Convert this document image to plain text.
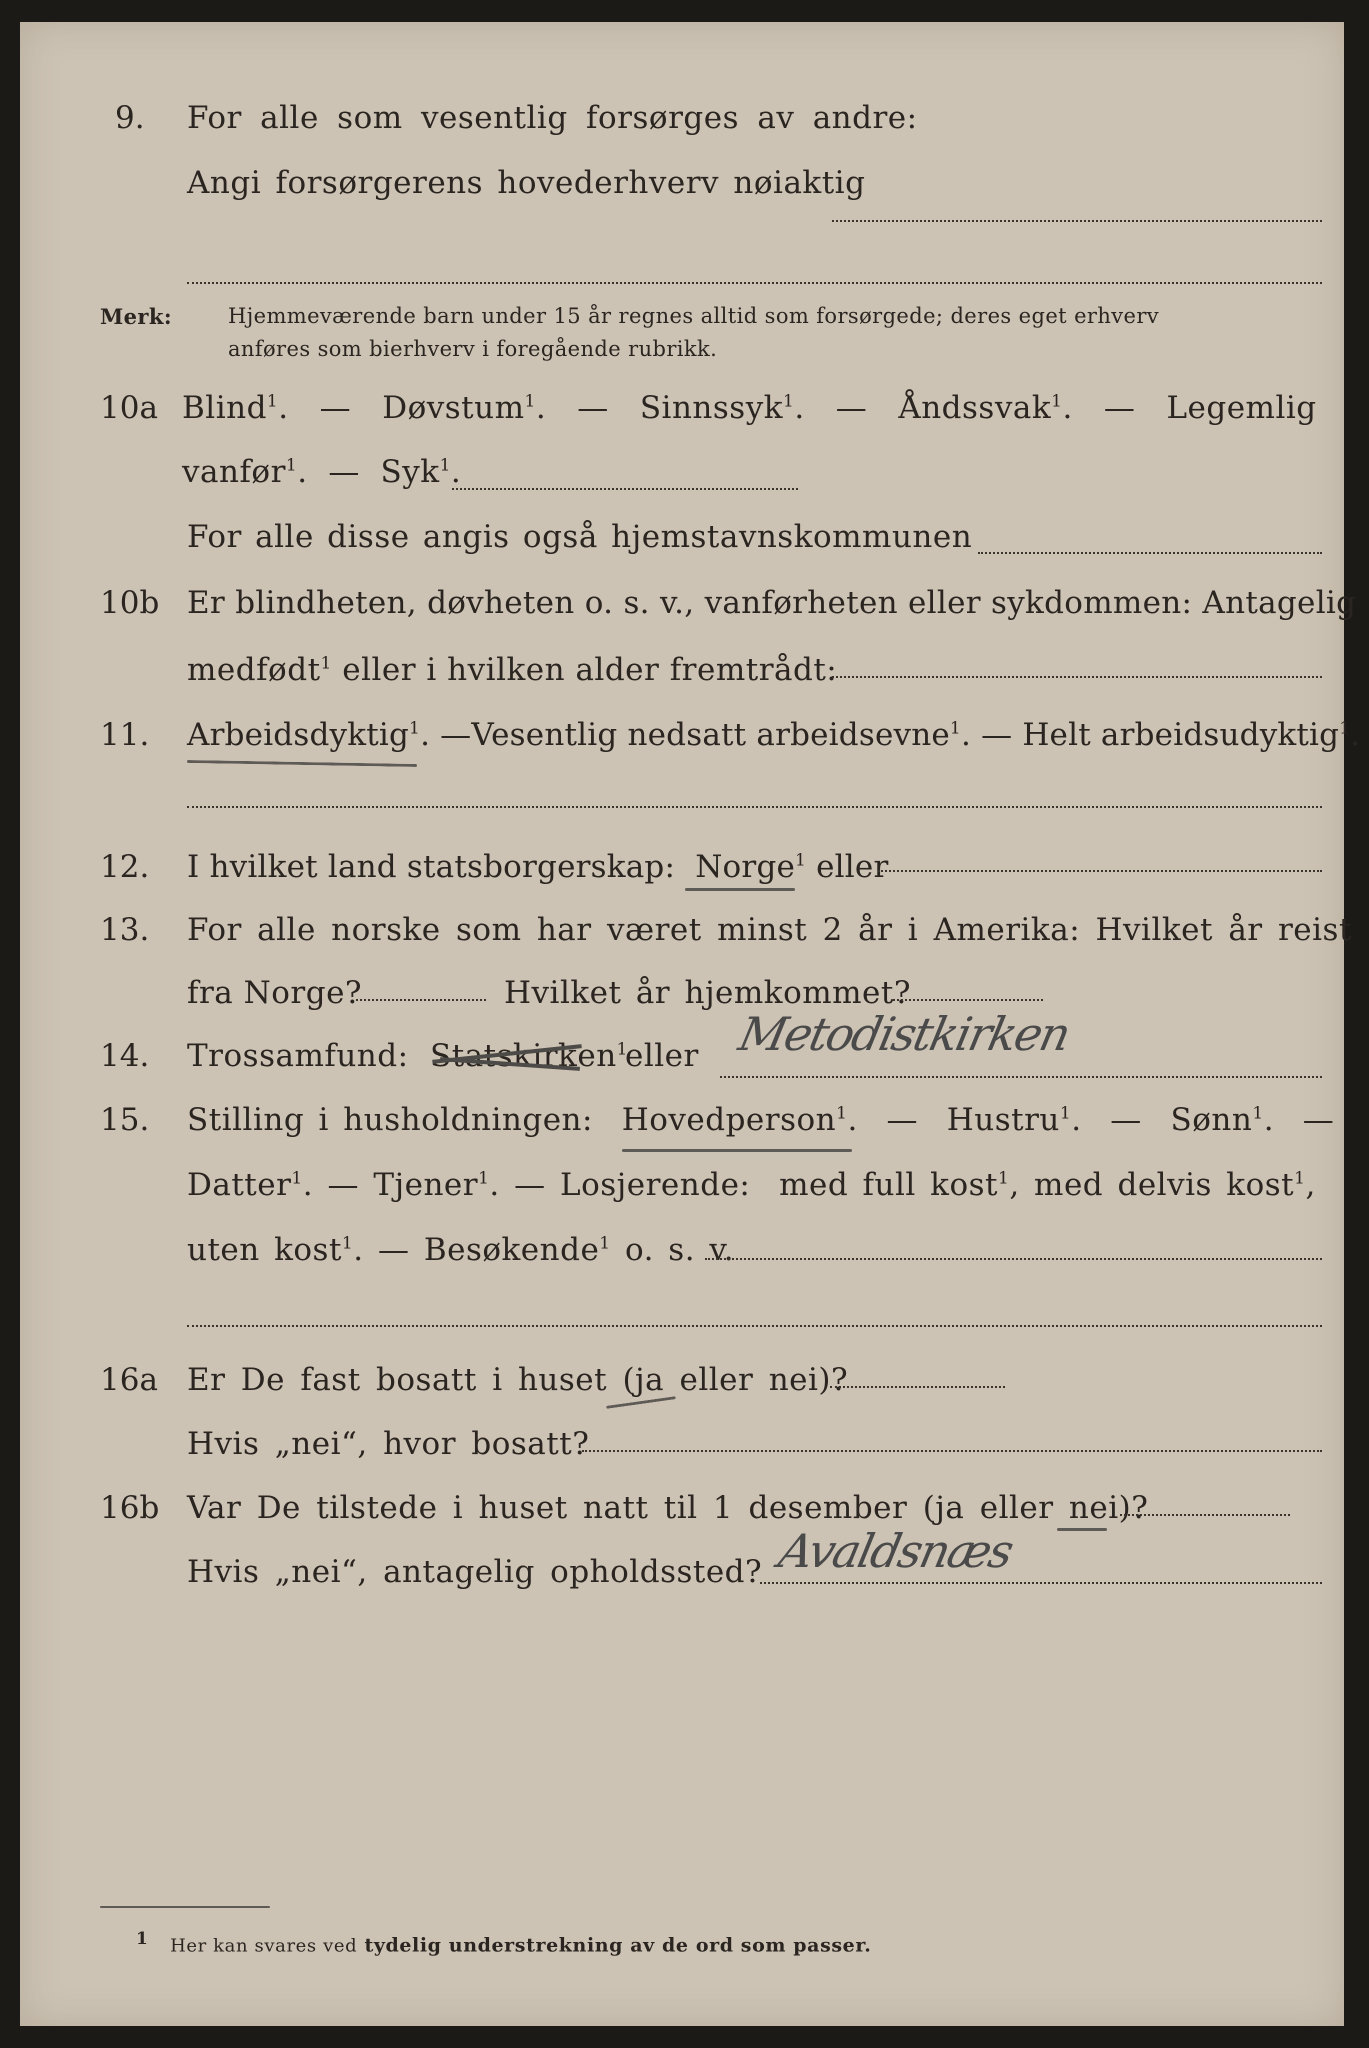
9. For alle som vesentlig forsørges av andre:
Angi forsørgerens hovederhverv nøiaktig
Merk:	Hjemmeværende barn under 15 år regnes alltid som forsørgede; deres eget erhverv
anføres som bierhverv i foregående rubrikk.
10a Blind$^1$.   — Døvstum$^1$.   — Sinnssyk$^1$.   — Åndssvak$^1$.   — Legemlig
vanfør$^1$.  — Syk$^1$.
For alle disse angis også hjemstavnskommunen
10b Er blindheten, døvheten o. s. v., vanførheten eller sykdommen: Antagelig
medfødt$^1$ eller i hvilken alder fremtrådt:
11. Arbeidsdyktig$^1$. —Vesentlig nedsatt arbeidsevne$^1$. — Helt arbeidsudyktig$^1$.
12. I hvilket land statsborgerskap: Norge$^1$ eller
13. For alle norske som har været minst 2 år i Amerika: Hvilket år reist
fra Norge?	Hvilket år hjemkommet?
14. Trossamfund: Statskirken$^1$
eller Metodistkirken
15. Stilling i husholdningen: Hovedperson$^1$.  — Hustru$^1$.  — Sønn$^1$.  —
Datter$^1$. — Tjener$^1$. — Losjerende: med full kost$^1$, med delvis kost$^1$,
uten kost$^1$. — Besøkende$^1$ o. s. v.
16a Er De fast bosatt i huset (ja eller nei)?
Hvis „nei“, hvor bosatt?
16b Var De tilstede i huset natt til 1 desember (ja eller nei)?
Hvis „nei“, antagelig opholdssted? Avaldsnæs
1 Her kan svares ved tydelig understrekning av de ord som passer.
